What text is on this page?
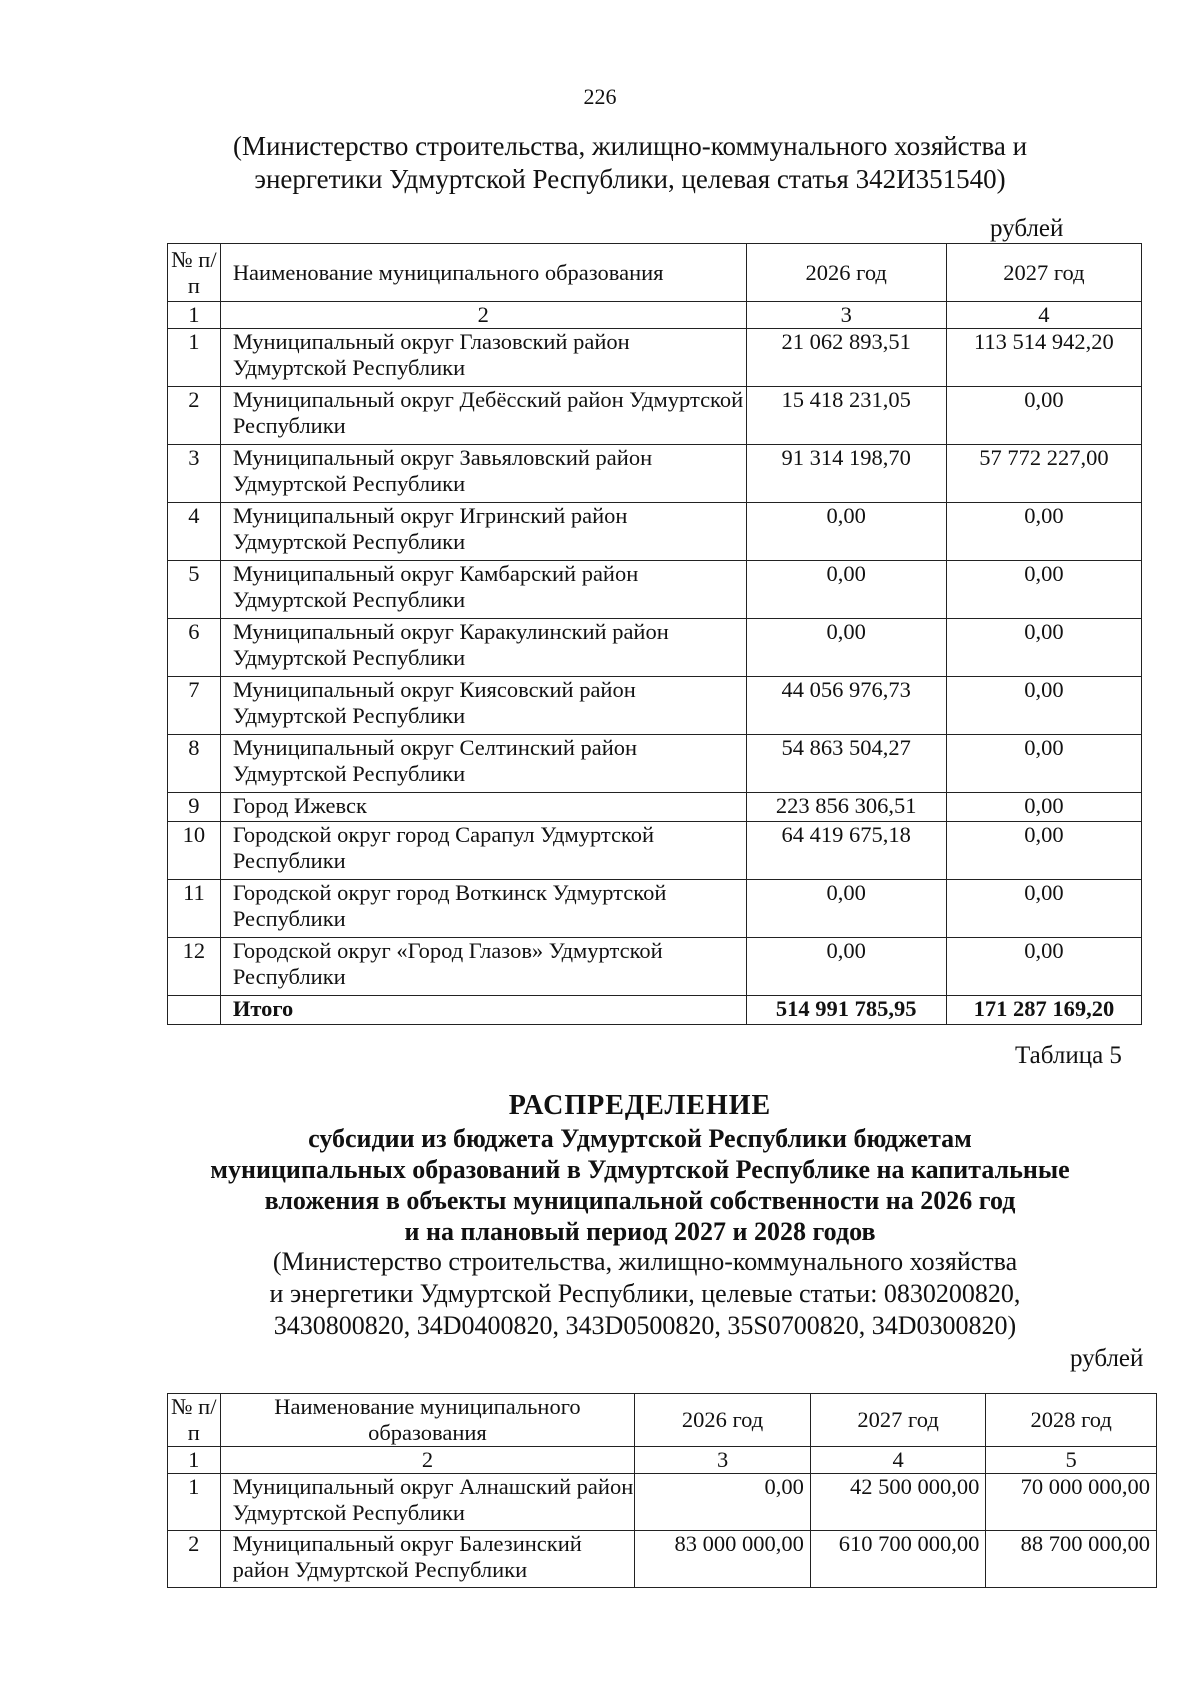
226
(Министерство строительства, жилищно-коммунального хозяйства и энергетики Удмуртской Республики, целевая статья 342И351540)
рублей
№ п/п	Наименование муниципального образования	2026 год	2027 год
1	2	3	4
1	Муниципальный округ Глазовский район Удмуртской Республики	21 062 893,51	113 514 942,20
2	Муниципальный округ Дебёсский район Удмуртской Республики	15 418 231,05	0,00
3	Муниципальный округ Завьяловский район Удмуртской Республики	91 314 198,70	57 772 227,00
4	Муниципальный округ Игринский район Удмуртской Республики	0,00	0,00
5	Муниципальный округ Камбарский район Удмуртской Республики	0,00	0,00
6	Муниципальный округ Каракулинский район Удмуртской Республики	0,00	0,00
7	Муниципальный округ Киясовский район Удмуртской Республики	44 056 976,73	0,00
8	Муниципальный округ Селтинский район Удмуртской Республики	54 863 504,27	0,00
9	Город Ижевск	223 856 306,51	0,00
10	Городской округ город Сарапул Удмуртской Республики	64 419 675,18	0,00
11	Городской округ город Воткинск Удмуртской Республики	0,00	0,00
12	Городской округ «Город Глазов» Удмуртской Республики	0,00	0,00
	Итого	514 991 785,95	171 287 169,20
Таблица 5
РАСПРЕДЕЛЕНИЕ
субсидии из бюджета Удмуртской Республики бюджетам
муниципальных образований в Удмуртской Республике на капитальные
вложения в объекты муниципальной собственности на 2026 год
и на плановый период 2027 и 2028 годов
(Министерство строительства, жилищно-коммунального хозяйства
и энергетики Удмуртской Республики, целевые статьи: 0830200820,
3430800820, 34D0400820, 343D0500820, 35S0700820, 34D0300820)
рублей
№ п/п	Наименование муниципального образования	2026 год	2027 год	2028 год
1	2	3	4	5
1	Муниципальный округ Алнашский район Удмуртской Республики	0,00	42 500 000,00	70 000 000,00
2	Муниципальный округ Балезинский район Удмуртской Республики	83 000 000,00	610 700 000,00	88 700 000,00
